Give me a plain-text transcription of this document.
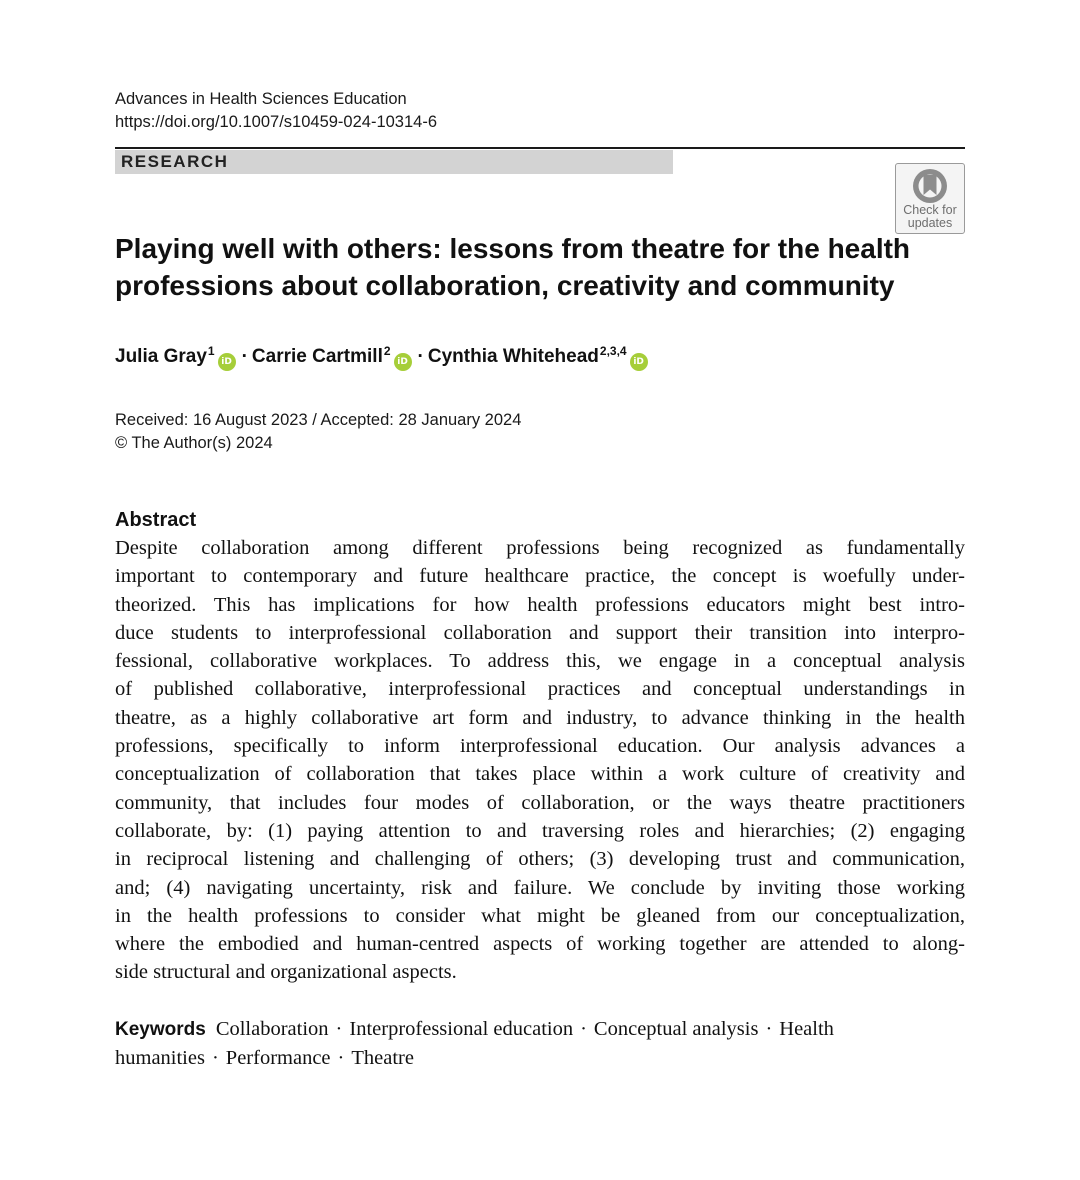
Advances in Health Sciences Education
https://doi.org/10.1007/s10459-024-10314-6
RESEARCH
Check for
updates
Playing well with others: lessons from theatre for the health
professions about collaboration, creativity and community
Julia Gray$^1$iD · Carrie Cartmill$^2$iD · Cynthia Whitehead$^{2,3,4}$iD
Received: 16 August 2023 / Accepted: 28 January 2024
© The Author(s) 2024
Abstract
Despite collaboration among different professions being recognized as fundamentally
important to contemporary and future healthcare practice, the concept is woefully under-
theorized. This has implications for how health professions educators might best intro-
duce students to interprofessional collaboration and support their transition into interpro-
fessional, collaborative workplaces. To address this, we engage in a conceptual analysis
of published collaborative, interprofessional practices and conceptual understandings in
theatre, as a highly collaborative art form and industry, to advance thinking in the health
professions, specifically to inform interprofessional education. Our analysis advances a
conceptualization of collaboration that takes place within a work culture of creativity and
community, that includes four modes of collaboration, or the ways theatre practitioners
collaborate, by: (1) paying attention to and traversing roles and hierarchies; (2) engaging
in reciprocal listening and challenging of others; (3) developing trust and communication,
and; (4) navigating uncertainty, risk and failure. We conclude by inviting those working
in the health professions to consider what might be gleaned from our conceptualization,
where the embodied and human-centred aspects of working together are attended to along-
side structural and organizational aspects.
Keywords Collaboration · Interprofessional education · Conceptual analysis · Health
humanities · Performance · Theatre
